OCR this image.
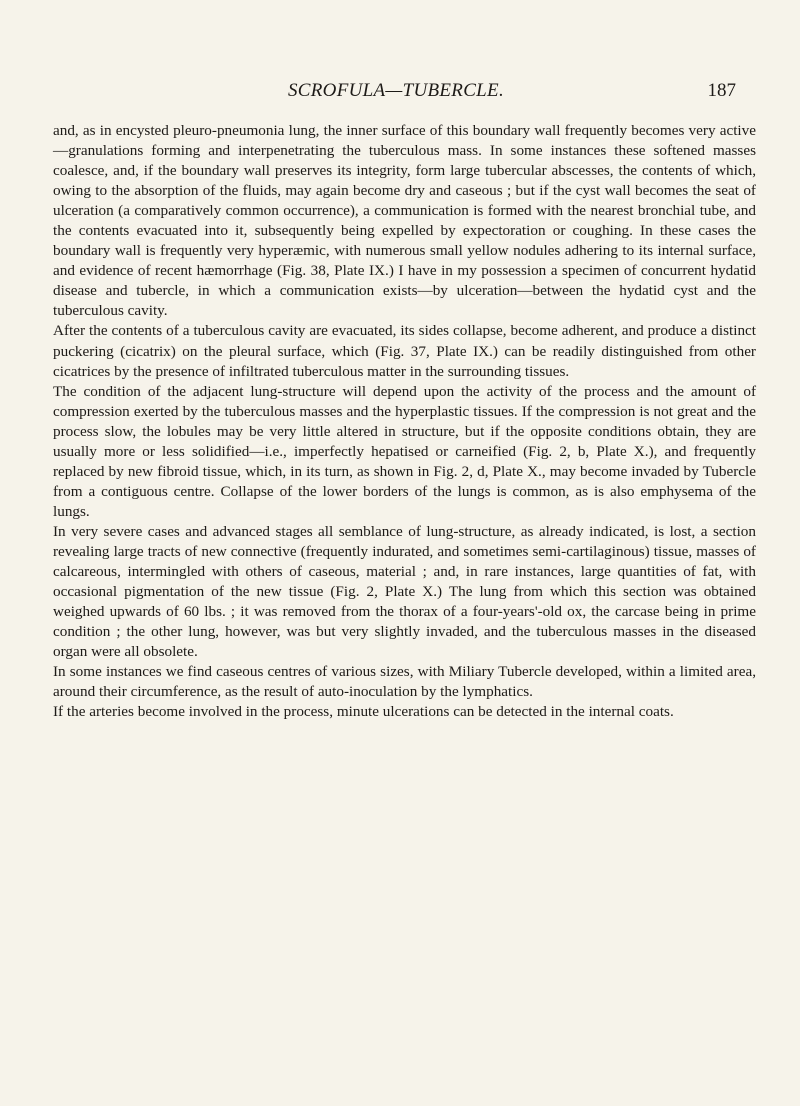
SCROFULA—TUBERCLE.	187

and, as in encysted pleuro-pneumonia lung, the inner surface of this boundary wall frequently becomes very active—granulations forming and interpenetrating the tuberculous mass. In some instances these softened masses coalesce, and, if the boundary wall preserves its integrity, form large tubercular abscesses, the contents of which, owing to the absorption of the fluids, may again become dry and caseous ; but if the cyst wall becomes the seat of ulceration (a comparatively common occurrence), a communication is formed with the nearest bronchial tube, and the contents evacuated into it, subsequently being expelled by expectoration or coughing. In these cases the boundary wall is frequently very hyperæmic, with numerous small yellow nodules adhering to its internal surface, and evidence of recent hæmorrhage (Fig. 38, Plate IX.) I have in my possession a specimen of concurrent hydatid disease and tubercle, in which a communication exists—by ulceration—between the hydatid cyst and the tuberculous cavity.

After the contents of a tuberculous cavity are evacuated, its sides collapse, become adherent, and produce a distinct puckering (cicatrix) on the pleural surface, which (Fig. 37, Plate IX.) can be readily distinguished from other cicatrices by the presence of infiltrated tuberculous matter in the surrounding tissues.

The condition of the adjacent lung-structure will depend upon the activity of the process and the amount of compression exerted by the tuberculous masses and the hyperplastic tissues. If the compression is not great and the process slow, the lobules may be very little altered in structure, but if the opposite conditions obtain, they are usually more or less solidified—i.e., imperfectly hepatised or carneified (Fig. 2, b, Plate X.), and frequently replaced by new fibroid tissue, which, in its turn, as shown in Fig. 2, d, Plate X., may become invaded by Tubercle from a contiguous centre. Collapse of the lower borders of the lungs is common, as is also emphysema of the lungs.

In very severe cases and advanced stages all semblance of lung-structure, as already indicated, is lost, a section revealing large tracts of new connective (frequently indurated, and sometimes semi-cartilaginous) tissue, masses of calcareous, intermingled with others of caseous, material ; and, in rare instances, large quantities of fat, with occasional pigmentation of the new tissue (Fig. 2, Plate X.) The lung from which this section was obtained weighed upwards of 60 lbs. ; it was removed from the thorax of a four-years'-old ox, the carcase being in prime condition ; the other lung, however, was but very slightly invaded, and the tuberculous masses in the diseased organ were all obsolete.

In some instances we find caseous centres of various sizes, with Miliary Tubercle developed, within a limited area, around their circumference, as the result of auto-inoculation by the lymphatics.

If the arteries become involved in the process, minute ulcerations can be detected in the internal coats.
